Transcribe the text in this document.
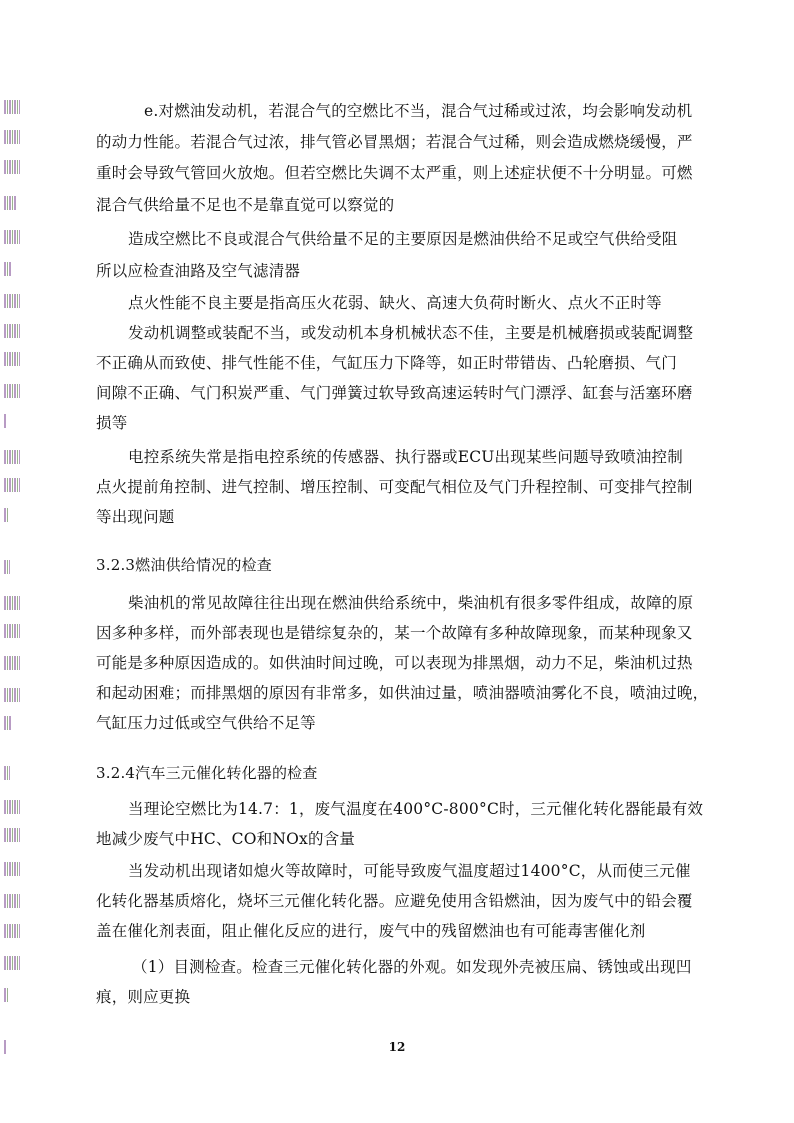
e.对燃油发动机，若混合气的空燃比不当，混合气过稀或过浓，均会影响发动机
的动力性能。若混合气过浓，排气管必冒黑烟；若混合气过稀，则会造成燃烧缓慢，严
重时会导致气管回火放炮。但若空燃比失调不太严重，则上述症状便不十分明显。可燃
混合气供给量不足也不是靠直觉可以察觉的
造成空燃比不良或混合气供给量不足的主要原因是燃油供给不足或空气供给受阻
所以应检查油路及空气滤清器
点火性能不良主要是指高压火花弱、缺火、高速大负荷时断火、点火不正时等
发动机调整或装配不当，或发动机本身机械状态不佳，主要是机械磨损或装配调整
不正确从而致使、排气性能不佳，气缸压力下降等，如正时带错齿、凸轮磨损、气门
间隙不正确、气门积炭严重、气门弹簧过软导致高速运转时气门漂浮、缸套与活塞环磨
损等
电控系统失常是指电控系统的传感器、执行器或ECU出现某些问题导致喷油控制
点火提前角控制、进气控制、增压控制、可变配气相位及气门升程控制、可变排气控制
等出现问题
3.2.3燃油供给情况的检查
柴油机的常见故障往往出现在燃油供给系统中，柴油机有很多零件组成，故障的原
因多种多样，而外部表现也是错综复杂的，某一个故障有多种故障现象，而某种现象又
可能是多种原因造成的。如供油时间过晚，可以表现为排黑烟，动力不足，柴油机过热
和起动困难；而排黑烟的原因有非常多，如供油过量，喷油器喷油雾化不良，喷油过晚，
气缸压力过低或空气供给不足等
3.2.4汽车三元催化转化器的检查
当理论空燃比为14.7：1，废气温度在400°C-800°C时，三元催化转化器能最有效
地减少废气中HC、CO和NOx的含量
当发动机出现诸如熄火等故障时，可能导致废气温度超过1400°C，从而使三元催
化转化器基质熔化，烧坏三元催化转化器。应避免使用含铅燃油，因为废气中的铅会覆
盖在催化剂表面，阻止催化反应的进行，废气中的残留燃油也有可能毒害催化剂
（1）目测检查。检查三元催化转化器的外观。如发现外壳被压扁、锈蚀或出现凹
痕，则应更换
12
